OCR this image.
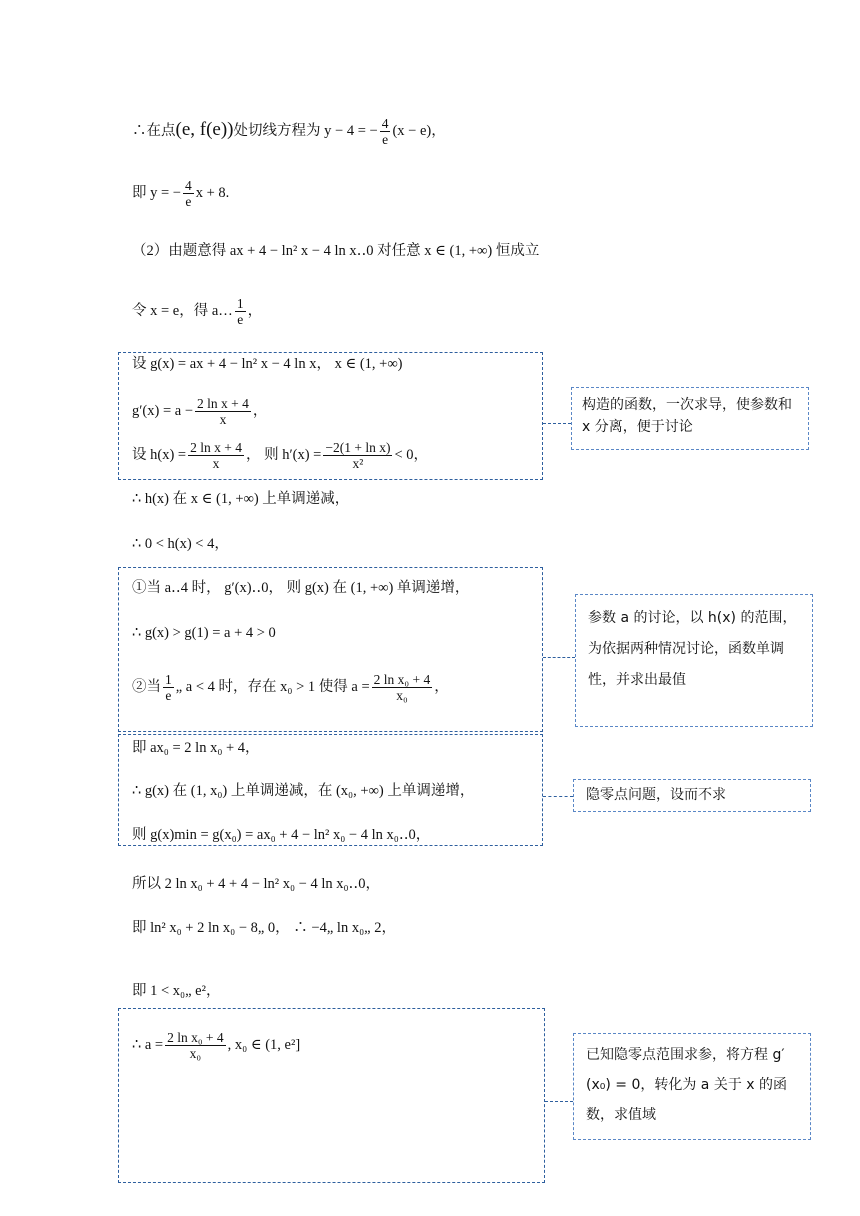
∴在点(e, f(e))处切线方程为 y − 4 = − $\frac{4}{e} (x - e)$，
即 y = − $\frac{4}{e}$ x + 8.
（2）由题意得 ax + 4 − ln² x − 4 ln x‥0 对任意 x ∈ (1, +∞) 恒成立
令 x = e，得 a… $\frac{1}{e}$ ，
设 g(x) = ax + 4 − ln² x − 4 ln x， x ∈ (1, +∞)
$g'(x) = a - \frac{\text{2 ln x + 4}}{x}$ ，
设 $h(x) = \frac{\text{2 ln x + 4}}{x}$ ， 则 $h'(x) = \frac{\text{−2(1 + ln x)}}{\text{x²}} < 0$，
构造的函数，一次求导，使参数和 x 分离，便于讨论
∴ h(x) 在 x ∈ (1, +∞) 上单调递减，
∴ 0 < h(x) < 4，
①当 a‥4 时， g′(x)‥0， 则 g(x) 在 (1, +∞) 单调递增，
∴ g(x) > g(1) = a + 4 > 0
②当 $\frac{1}{e}$ „ a < 4 时，存在 x₀ > 1 使得 $a = \frac{\text{2 ln x₀ + 4}}{\text{x₀}}$ ，
参数 a 的讨论，以 h(x) 的范围，为依据两种情况讨论，函数单调性，并求出最值
即 ax₀ = 2 ln x₀ + 4，
∴ g(x) 在 (1, x₀) 上单调递减，在 (x₀, +∞) 上单调递增，
则 g(x)min = g(x₀) = ax₀ + 4 − ln² x₀ − 4 ln x₀‥0，
隐零点问题，设而不求
所以 2 ln x₀ + 4 + 4 − ln² x₀ − 4 ln x₀‥0，
即 ln² x₀ + 2 ln x₀ − 8„ 0， ∴ −4„ ln x₀„ 2，
即 1 < x₀„ e²，
∴ $a = \frac{\text{2 ln x₀ + 4}}{\text{x₀}}$ , x₀ ∈ (1, e²]
已知隐零点范围求参，将方程 g′(x₀) = 0，转化为 a 关于 x 的函数，求值域
